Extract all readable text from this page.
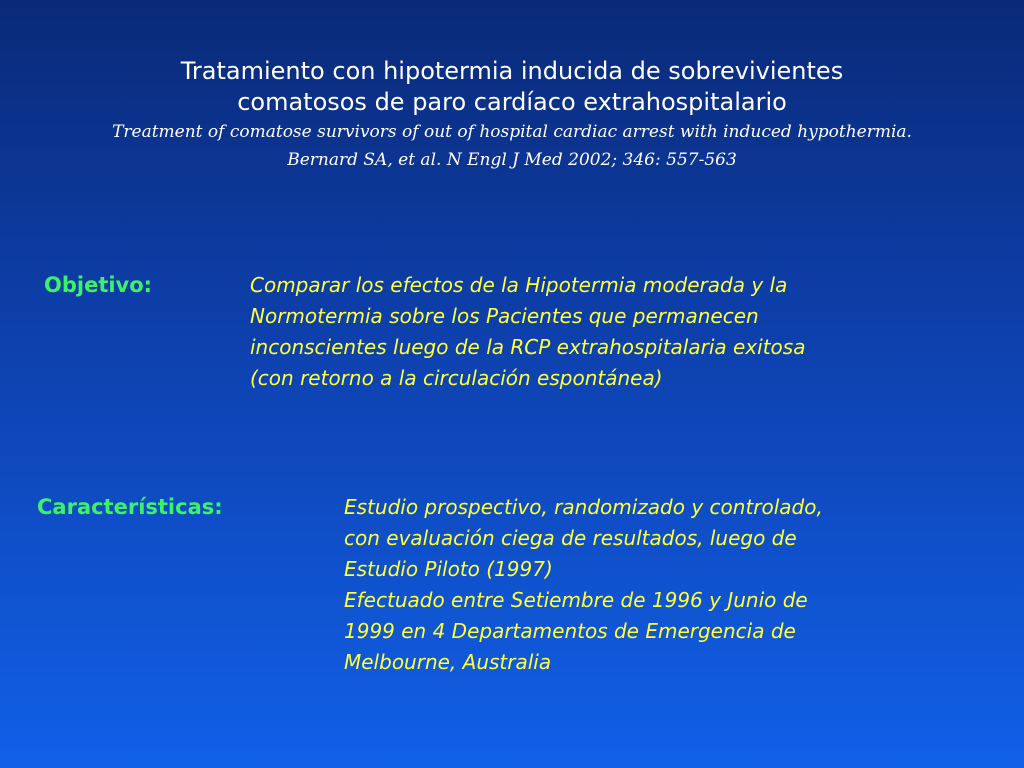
Tratamiento con hipotermia inducida de sobrevivientes
comatosos de paro cardíaco extrahospitalario
Treatment of comatose survivors of out of hospital cardiac arrest with induced hypothermia.
Bernard SA, et al. N Engl J Med 2002; 346: 557-563
Objetivo:	Comparar los efectos de la Hipotermia moderada y la
Normotermia sobre los Pacientes que permanecen
inconscientes luego de la RCP extrahospitalaria exitosa
(con retorno a la circulación espontánea)
Características:	Estudio prospectivo, randomizado y controlado,
con evaluación ciega de resultados, luego de
Estudio Piloto (1997)
Efectuado entre Setiembre de 1996 y Junio de
1999 en 4 Departamentos de Emergencia de
Melbourne, Australia
